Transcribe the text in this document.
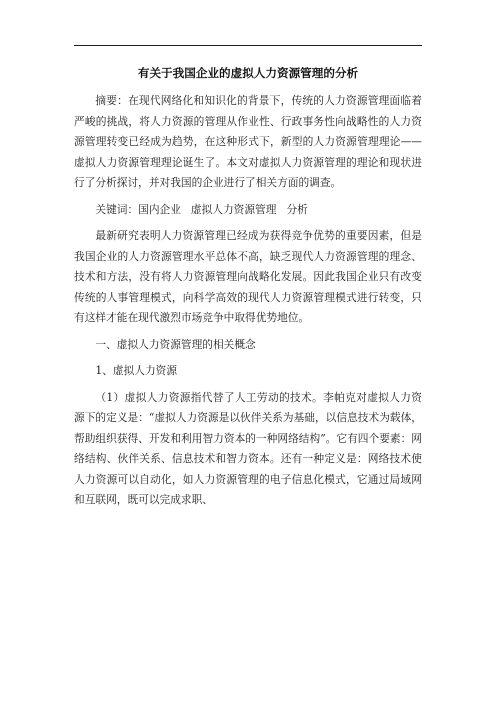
有关于我国企业的虚拟人力资源管理的分析

摘要：在现代网络化和知识化的背景下，传统的人力资源管理面临着严峻的挑战，将人力资源的管理从作业性、行政事务性向战略性的人力资源管理转变已经成为趋势，在这种形式下，新型的人力资源管理理论——虚拟人力资源管理理论诞生了。本文对虚拟人力资源管理的理论和现状进行了分析探讨，并对我国的企业进行了相关方面的调查。

关键词：国内企业 虚拟人力资源管理 分析

最新研究表明人力资源管理已经成为获得竞争优势的重要因素，但是我国企业的人力资源管理水平总体不高，缺乏现代人力资源管理的理念、技术和方法，没有将人力资源管理向战略化发展。因此我国企业只有改变传统的人事管理模式，向科学高效的现代人力资源管理模式进行转变，只有这样才能在现代激烈市场竞争中取得优势地位。

一、虚拟人力资源管理的相关概念

1、虚拟人力资源

（1）虚拟人力资源指代替了人工劳动的技术。李帕克对虚拟人力资源下的定义是：“虚拟人力资源是以伙伴关系为基础，以信息技术为载体，帮助组织获得、开发和利用智力资本的一种网络结构”。它有四个要素：网络结构、伙伴关系、信息技术和智力资本。还有一种定义是：网络技术使人力资源可以自动化，如人力资源管理的电子信息化模式，它通过局域网和互联网，既可以完成求职、
